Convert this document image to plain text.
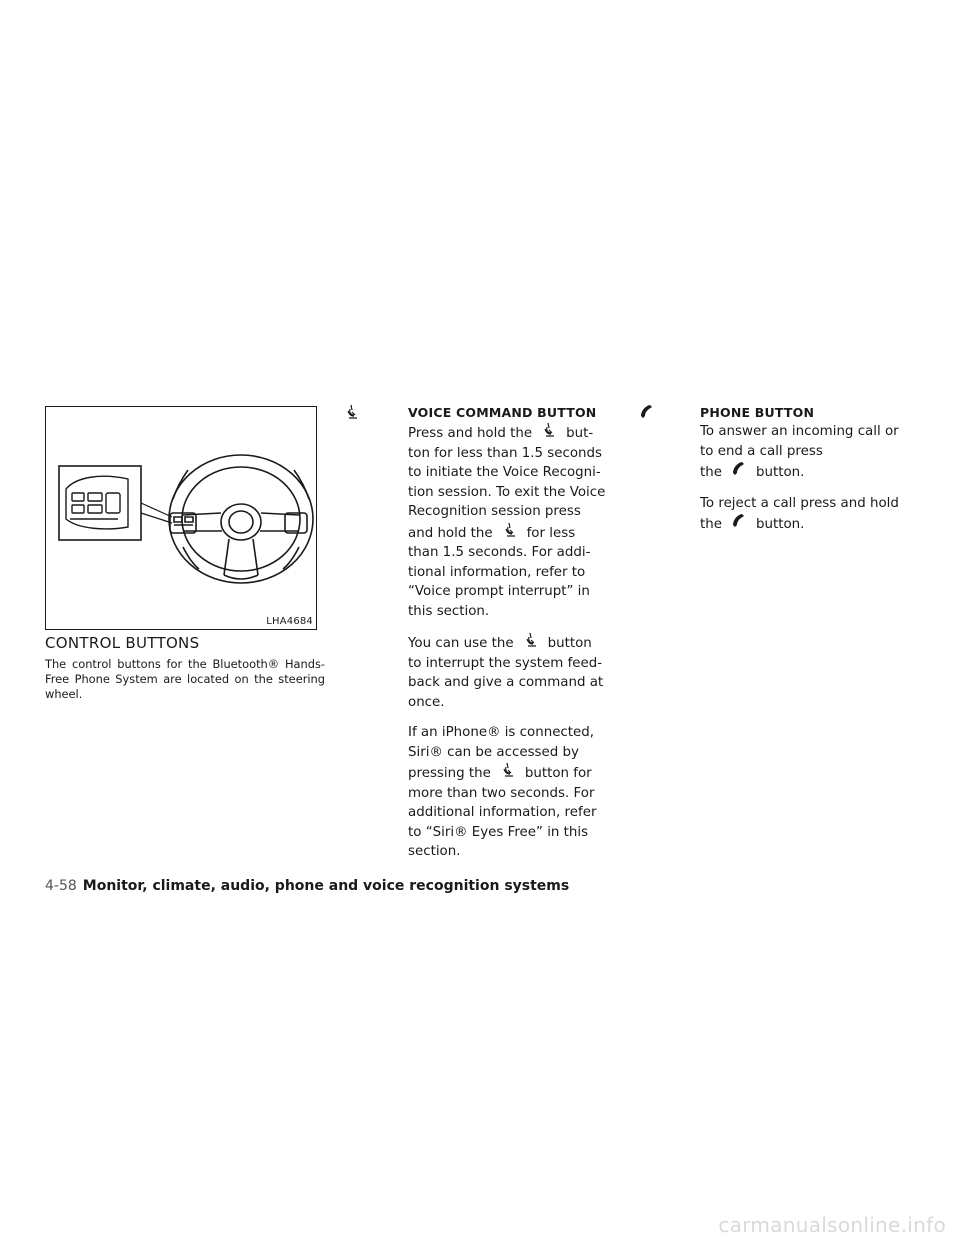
LHA4684
CONTROL BUTTONS

The control buttons for the Bluetooth® Hands-Free Phone System are located on the steering wheel.

VOICE COMMAND BUTTON

Press and hold the	but-
ton for less than 1.5 seconds
to initiate the Voice Recogni-
tion session. To exit the Voice
Recognition session press
and hold the	for less
than 1.5 seconds. For addi-
tional information, refer to
“Voice prompt interrupt” in
this section.

You can use the	button
to interrupt the system feed-
back and give a command at
once.

If an iPhone® is connected,
Siri® can be accessed by
pressing the	button for
more than two seconds. For
additional information, refer
to “Siri® Eyes Free” in this
section.

PHONE BUTTON

To answer an incoming call or
to end a call press
the	button.

To reject a call press and hold
the	button.

4-58 Monitor, climate, audio, phone and voice recognition systems
carmanualsonline.info
